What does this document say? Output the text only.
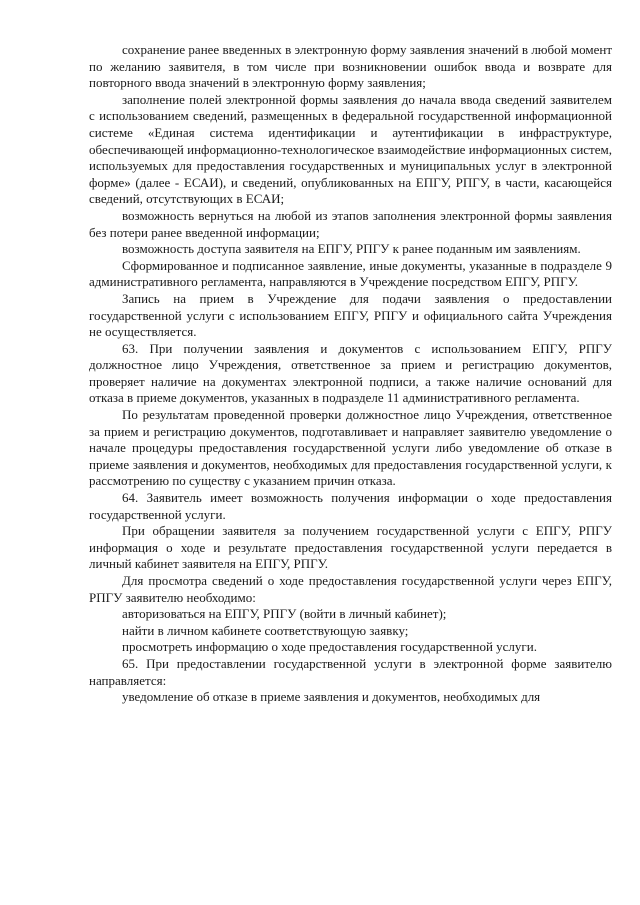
сохранение ранее введенных в электронную форму заявления значений в любой момент по желанию заявителя, в том числе при возникновении ошибок ввода и возврате для повторного ввода значений в электронную форму заявления;

заполнение полей электронной формы заявления до начала ввода сведений заявителем с использованием сведений, размещенных в федеральной государственной информационной системе «Единая система идентификации и аутентификации в инфраструктуре, обеспечивающей информационно-технологическое взаимодействие информационных систем, используемых для предоставления государственных и муниципальных услуг в электронной форме» (далее - ЕСАИ), и сведений, опубликованных на ЕПГУ, РПГУ, в части, касающейся сведений, отсутствующих в ЕСАИ;

возможность вернуться на любой из этапов заполнения электронной формы заявления без потери ранее введенной информации;

возможность доступа заявителя на ЕПГУ, РПГУ к ранее поданным им заявлениям.

Сформированное и подписанное заявление, иные документы, указанные в подразделе 9 административного регламента, направляются в Учреждение посредством ЕПГУ, РПГУ.

Запись на прием в Учреждение для подачи заявления о предоставлении государственной услуги с использованием ЕПГУ, РПГУ и официального сайта Учреждения не осуществляется.

63. При получении заявления и документов с использованием ЕПГУ, РПГУ должностное лицо Учреждения, ответственное за прием и регистрацию документов, проверяет наличие на документах электронной подписи, а также наличие оснований для отказа в приеме документов, указанных в подразделе 11 административного регламента.

По результатам проведенной проверки должностное лицо Учреждения, ответственное за прием и регистрацию документов, подготавливает и направляет заявителю уведомление о начале процедуры предоставления государственной услуги либо уведомление об отказе в приеме заявления и документов, необходимых для предоставления государственной услуги, к рассмотрению по существу с указанием причин отказа.

64. Заявитель имеет возможность получения информации о ходе предоставления государственной услуги.

При обращении заявителя за получением государственной услуги с ЕПГУ, РПГУ информация о ходе и результате предоставления государственной услуги передается в личный кабинет заявителя на ЕПГУ, РПГУ.

Для просмотра сведений о ходе предоставления государственной услуги через ЕПГУ, РПГУ заявителю необходимо:

авторизоваться на ЕПГУ, РПГУ (войти в личный кабинет);

найти в личном кабинете соответствующую заявку;

просмотреть информацию о ходе предоставления государственной услуги.

65. При предоставлении государственной услуги в электронной форме заявителю направляется:

уведомление об отказе в приеме заявления и документов, необходимых для
